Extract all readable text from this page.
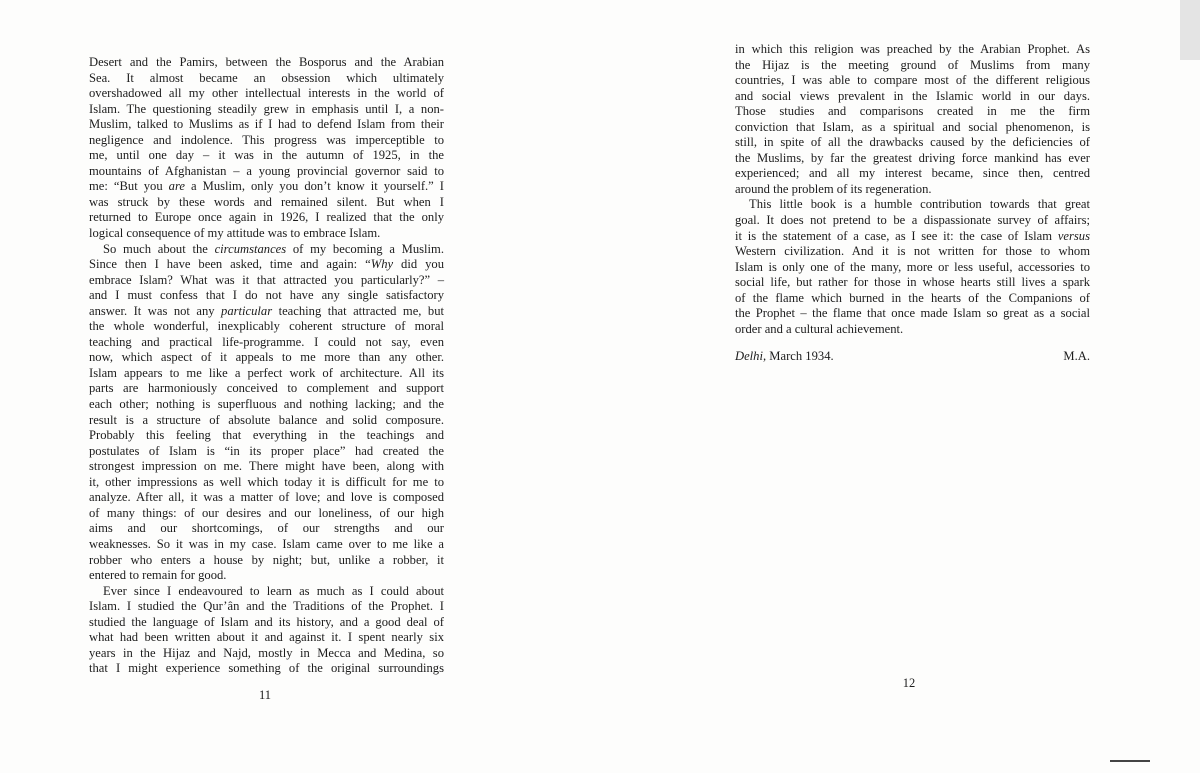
Desert and the Pamirs, between the Bosporus and the Arabian
Sea. It almost became an obsession which ultimately
overshadowed all my other intellectual interests in the world of
Islam. The questioning steadily grew in emphasis until I, a non-
Muslim, talked to Muslims as if I had to defend Islam from their
negligence and indolence. This progress was imperceptible to
me, until one day – it was in the autumn of 1925, in the
mountains of Afghanistan – a young provincial governor said to
me: “But you are a Muslim, only you don’t know it yourself.” I
was struck by these words and remained silent. But when I
returned to Europe once again in 1926, I realized that the only
logical consequence of my attitude was to embrace Islam.
So much about the circumstances of my becoming a Muslim.
Since then I have been asked, time and again: “Why did you
embrace Islam? What was it that attracted you particularly?” –
and I must confess that I do not have any single satisfactory
answer. It was not any particular teaching that attracted me, but
the whole wonderful, inexplicably coherent structure of moral
teaching and practical life-programme. I could not say, even
now, which aspect of it appeals to me more than any other.
Islam appears to me like a perfect work of architecture. All its
parts are harmoniously conceived to complement and support
each other; nothing is superfluous and nothing lacking; and the
result is a structure of absolute balance and solid composure.
Probably this feeling that everything in the teachings and
postulates of Islam is “in its proper place” had created the
strongest impression on me. There might have been, along with
it, other impressions as well which today it is difficult for me to
analyze. After all, it was a matter of love; and love is composed
of many things: of our desires and our loneliness, of our high
aims and our shortcomings, of our strengths and our
weaknesses. So it was in my case. Islam came over to me like a
robber who enters a house by night; but, unlike a robber, it
entered to remain for good.
Ever since I endeavoured to learn as much as I could about
Islam. I studied the Qur’ân and the Traditions of the Prophet. I
studied the language of Islam and its history, and a good deal of
what had been written about it and against it. I spent nearly six
years in the Hijaz and Najd, mostly in Mecca and Medina, so
that I might experience something of the original surroundings
11
in which this religion was preached by the Arabian Prophet. As
the Hijaz is the meeting ground of Muslims from many
countries, I was able to compare most of the different religious
and social views prevalent in the Islamic world in our days.
Those studies and comparisons created in me the firm
conviction that Islam, as a spiritual and social phenomenon, is
still, in spite of all the drawbacks caused by the deficiencies of
the Muslims, by far the greatest driving force mankind has ever
experienced; and all my interest became, since then, centred
around the problem of its regeneration.
This little book is a humble contribution towards that great
goal. It does not pretend to be a dispassionate survey of affairs;
it is the statement of a case, as I see it: the case of Islam versus
Western civilization. And it is not written for those to whom
Islam is only one of the many, more or less useful, accessories to
social life, but rather for those in whose hearts still lives a spark
of the flame which burned in the hearts of the Companions of
the Prophet – the flame that once made Islam so great as a social
order and a cultural achievement.
Delhi, March 1934.	M.A.
12
